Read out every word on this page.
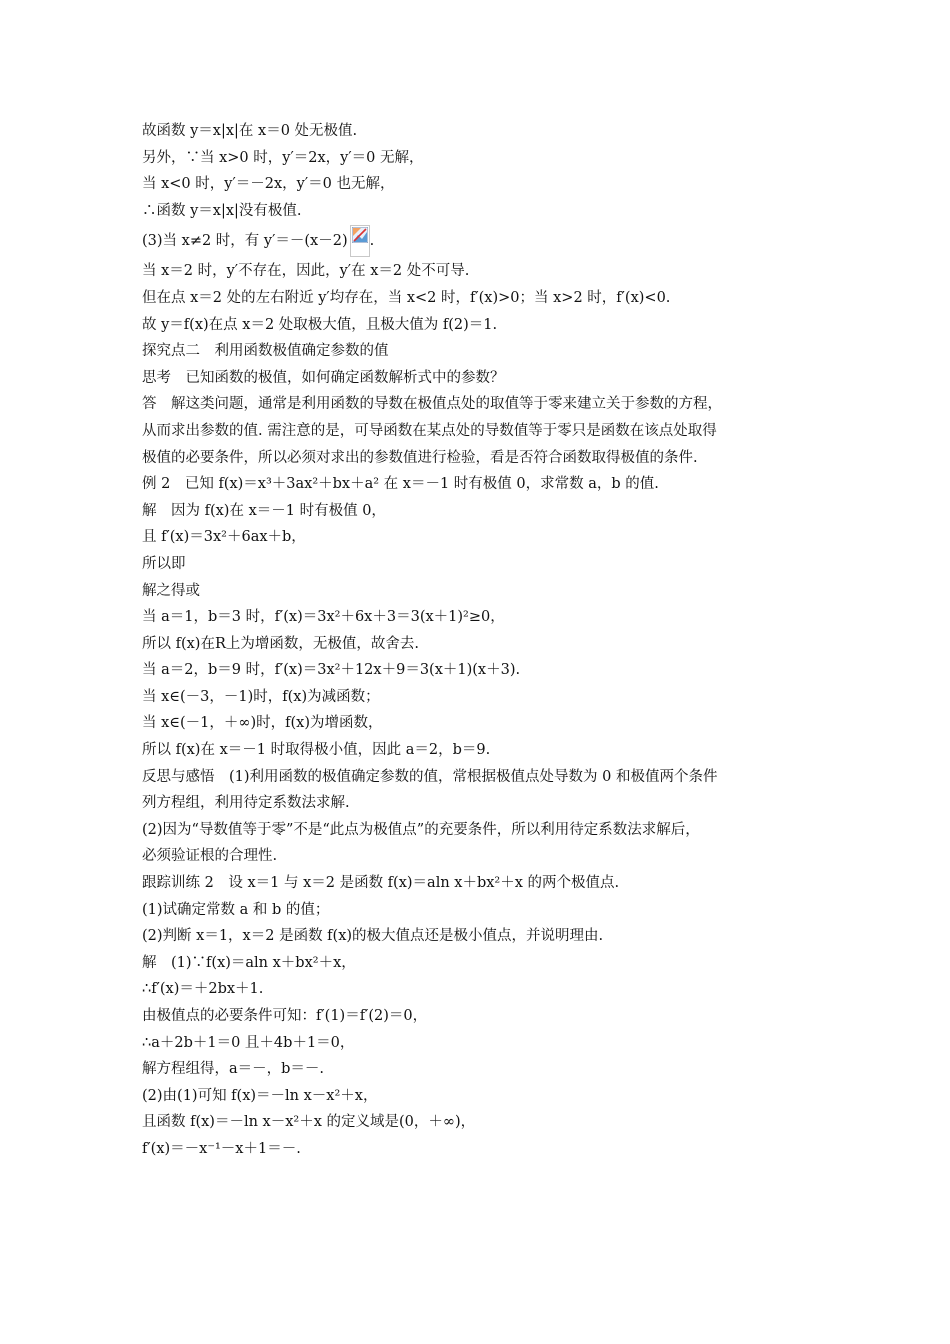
故函数 y＝x|x|在 x＝0 处无极值.
另外，∵当 x>0 时，y′＝2x，y′＝0 无解，
当 x<0 时，y′＝－2x，y′＝0 也无解，
∴函数 y＝x|x|没有极值.
(3)当 x≠2 时，有 y′＝－(x－2) .
当 x＝2 时，y′不存在，因此，y′在 x＝2 处不可导.
但在点 x＝2 处的左右附近 y′均存在，当 x<2 时，f′(x)>0；当 x>2 时，f′(x)<0.
故 y＝f(x)在点 x＝2 处取极大值，且极大值为 f(2)＝1.
探究点二　利用函数极值确定参数的值
思考　已知函数的极值，如何确定函数解析式中的参数？
答　解这类问题，通常是利用函数的导数在极值点处的取值等于零来建立关于参数的方程，
从而求出参数的值. 需注意的是，可导函数在某点处的导数值等于零只是函数在该点处取得
极值的必要条件，所以必须对求出的参数值进行检验，看是否符合函数取得极值的条件.
例 2　已知 f(x)＝x³＋3ax²＋bx＋a² 在 x＝－1 时有极值 0，求常数 a，b 的值.
解　因为 f(x)在 x＝－1 时有极值 0，
且 f′(x)＝3x²＋6ax＋b，
所以即
解之得或
当 a＝1，b＝3 时，f′(x)＝3x²＋6x＋3＝3(x＋1)²≥0，
所以 f(x)在R上为增函数，无极值，故舍去.
当 a＝2，b＝9 时，f′(x)＝3x²＋12x＋9＝3(x＋1)(x＋3).
当 x∈(－3，－1)时，f(x)为减函数；
当 x∈(－1，＋∞)时，f(x)为增函数，
所以 f(x)在 x＝－1 时取得极小值，因此 a＝2，b＝9.
反思与感悟　(1)利用函数的极值确定参数的值，常根据极值点处导数为 0 和极值两个条件
列方程组，利用待定系数法求解.
(2)因为“导数值等于零”不是“此点为极值点”的充要条件，所以利用待定系数法求解后，
必须验证根的合理性.
跟踪训练 2　设 x＝1 与 x＝2 是函数 f(x)＝aln x＋bx²＋x 的两个极值点.
(1)试确定常数 a 和 b 的值；
(2)判断 x＝1，x＝2 是函数 f(x)的极大值点还是极小值点，并说明理由.
解　(1)∵f(x)＝aln x＋bx²＋x，
∴f′(x)＝＋2bx＋1.
由极值点的必要条件可知：f′(1)＝f′(2)＝0，
∴a＋2b＋1＝0 且＋4b＋1＝0，
解方程组得，a＝－，b＝－.
(2)由(1)可知 f(x)＝－ln x－x²＋x，
且函数 f(x)＝－ln x－x²＋x 的定义域是(0，＋∞)，
f′(x)＝－x⁻¹－x＋1＝－.
